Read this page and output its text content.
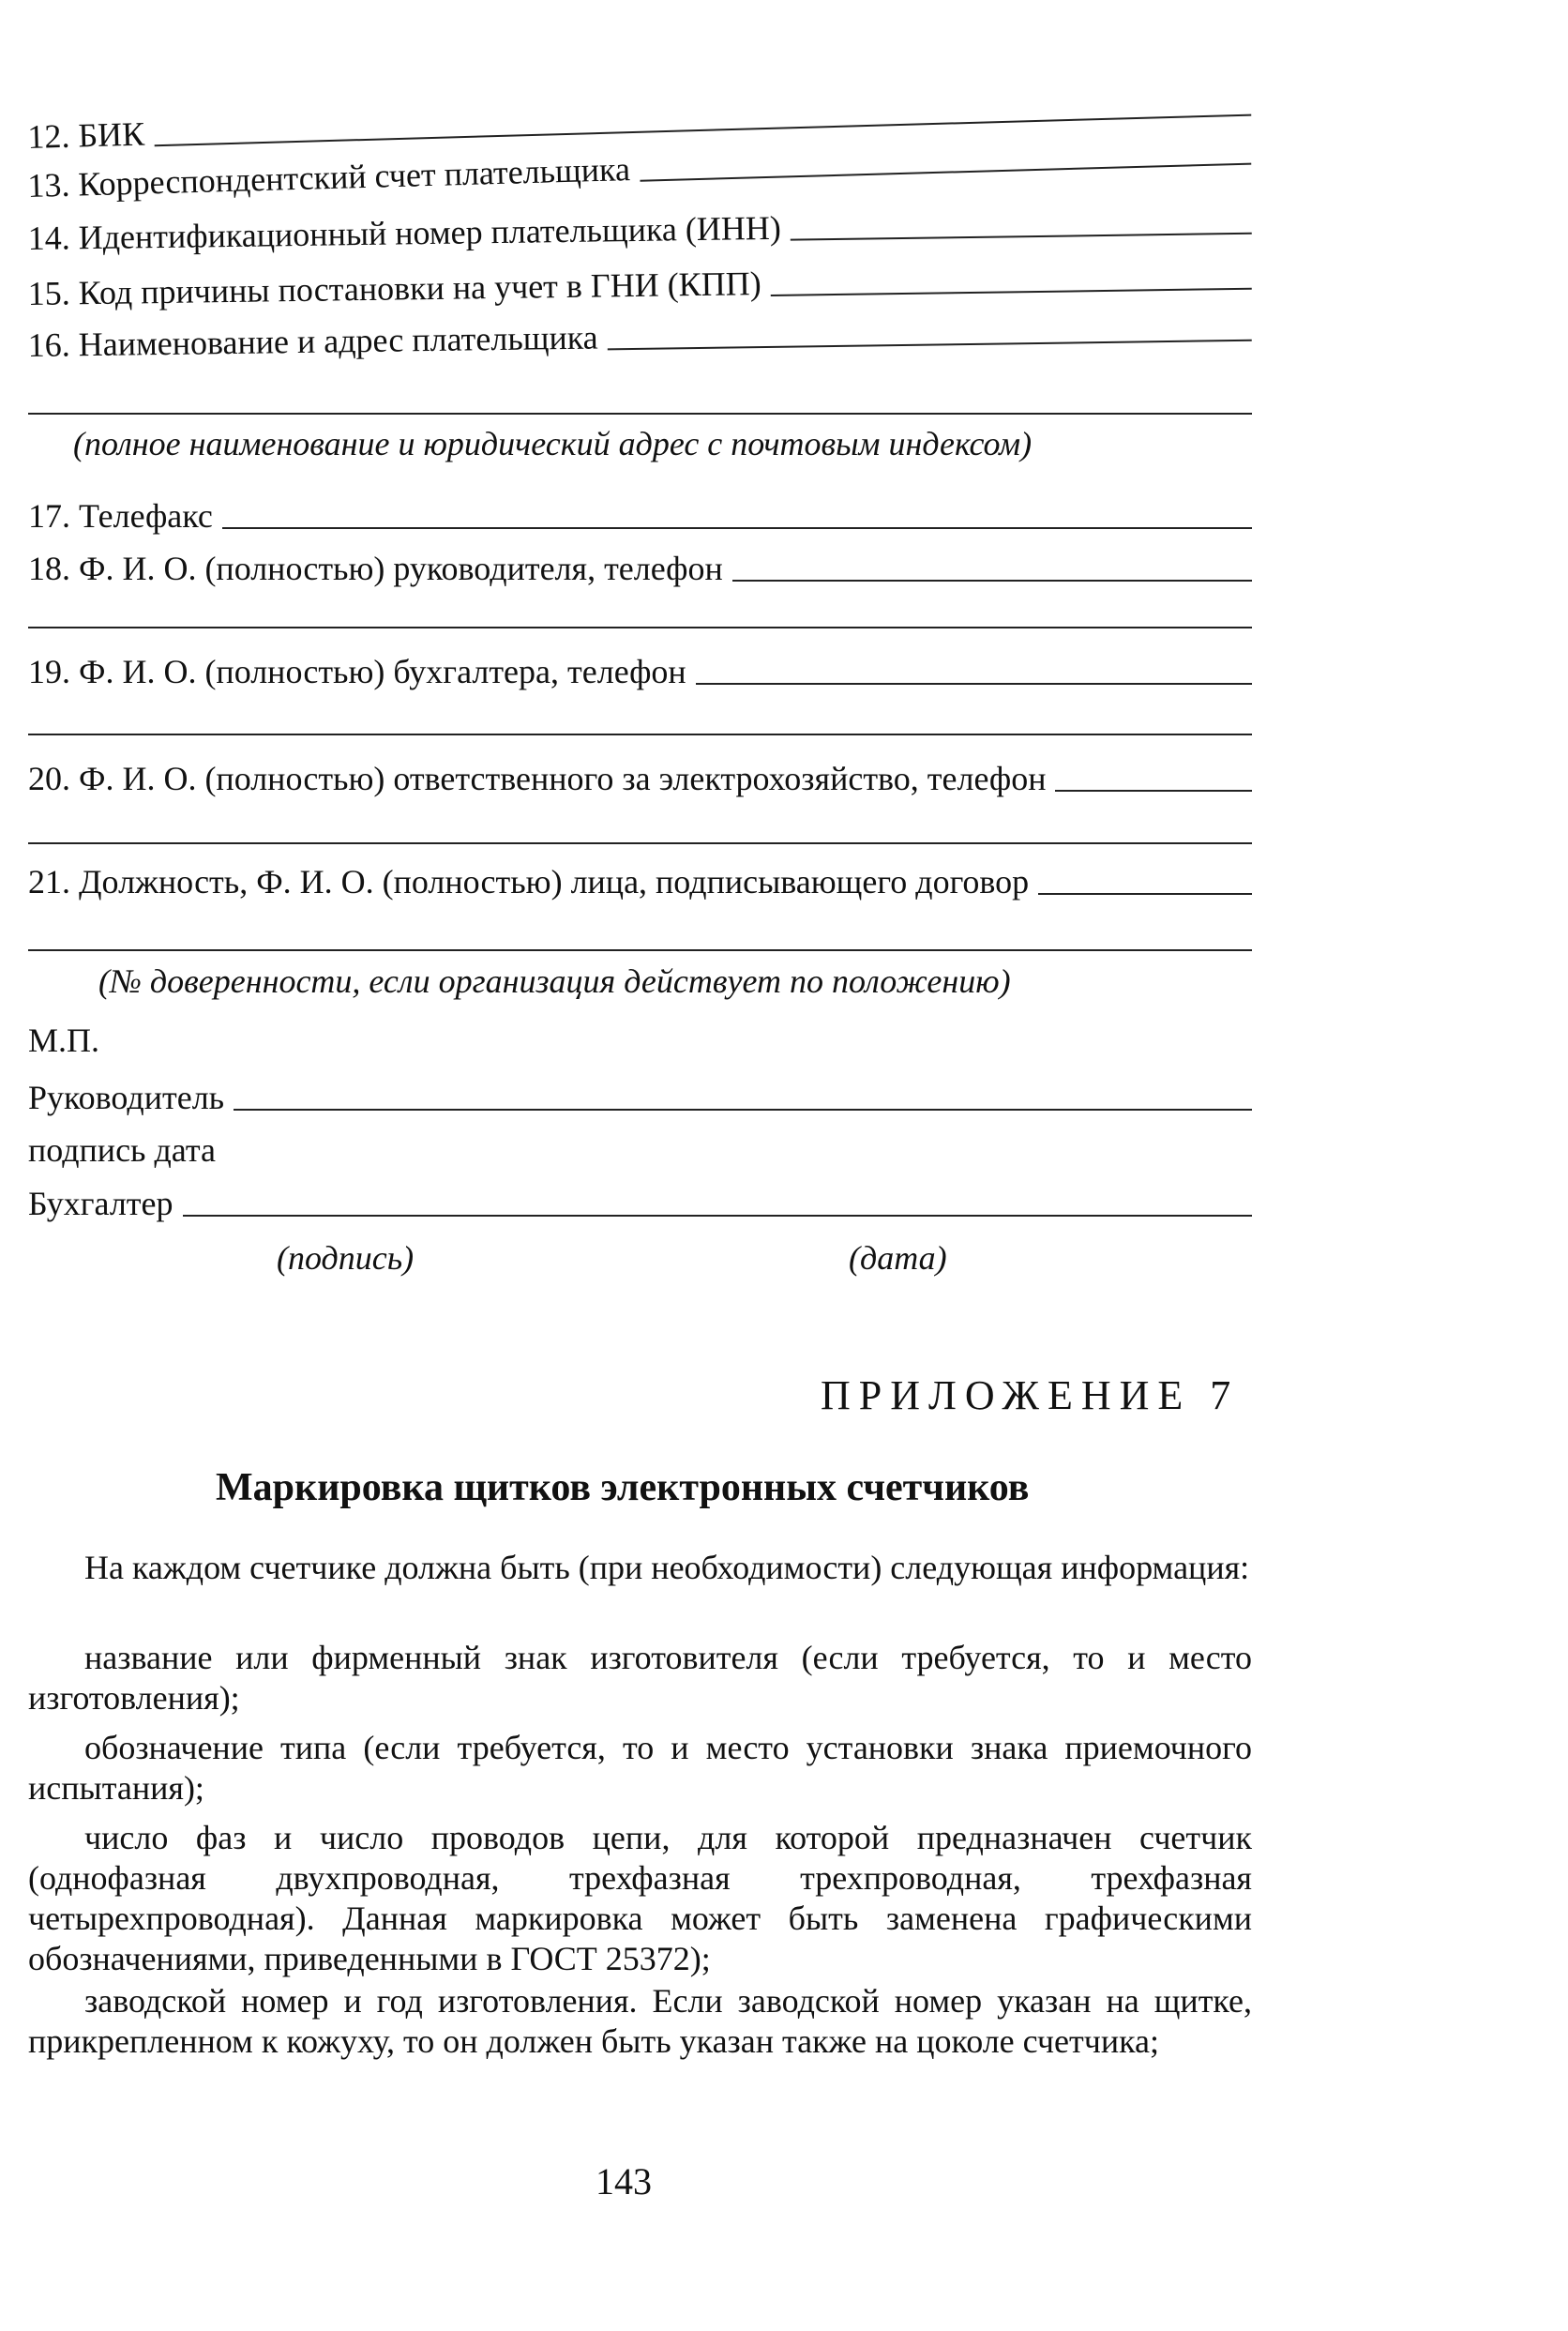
12. БИК
13. Корреспондентский счет плательщика
14. Идентификационный номер плательщика (ИНН)
15. Код причины постановки на учет в ГНИ (КПП)
16. Наименование и адрес плательщика
(полное наименование и юридический адрес с почтовым индексом)
17. Телефакс
18. Ф. И. О. (полностью) руководителя, телефон
19. Ф. И. О. (полностью) бухгалтера, телефон
20. Ф. И. О. (полностью) ответственного за электрохозяйство, телефон
21. Должность, Ф. И. О. (полностью) лица, подписывающего договор
(№ доверенности, если организация действует по положению)
М.П.
Руководитель
подпись дата
Бухгалтер
(подпись)	(дата)
ПРИЛОЖЕНИЕ 7
Маркировка щитков электронных счетчиков
На каждом счетчике должна быть (при необходимости) следующая информация:
название или фирменный знак изготовителя (если требуется, то и место изготовления);
обозначение типа (если требуется, то и место установки знака приемочного испытания);
число фаз и число проводов цепи, для которой предназначен счетчик (однофазная двухпроводная, трехфазная трехпроводная, трехфазная четырехпроводная). Данная маркировка может быть заменена графическими обозначениями, приведенными в ГОСТ 25372);
заводской номер и год изготовления. Если заводской номер указан на щитке, прикрепленном к кожуху, то он должен быть указан также на цоколе счетчика;
143
